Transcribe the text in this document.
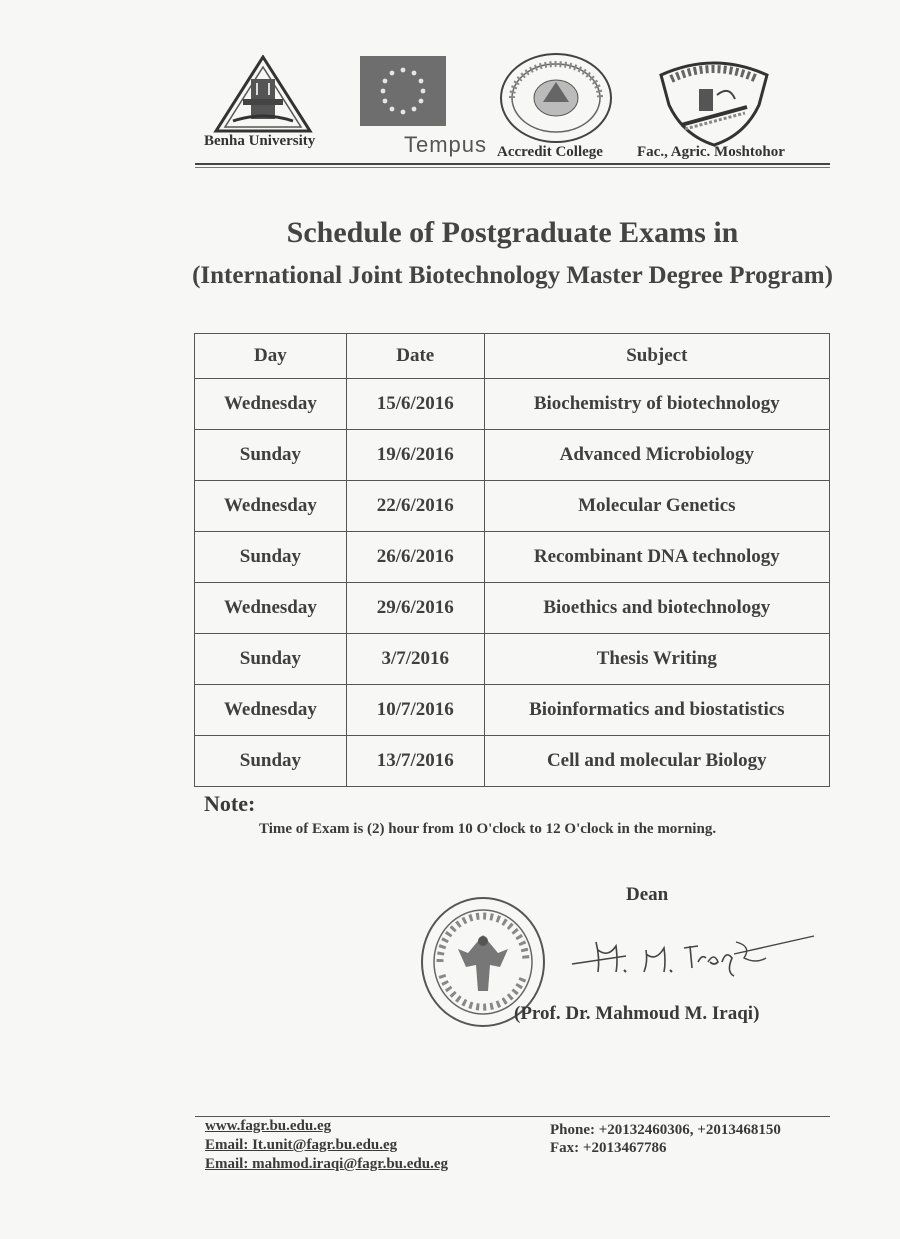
Benha University	Tempus Accredit College Fac., Agric. Moshtohor
Schedule of Postgraduate Exams in
(International Joint Biotechnology Master Degree Program)
Day	Date	Subject
Wednesday	15/6/2016	Biochemistry of biotechnology
Sunday	19/6/2016	Advanced Microbiology
Wednesday	22/6/2016	Molecular Genetics
Sunday	26/6/2016	Recombinant DNA technology
Wednesday	29/6/2016	Bioethics and biotechnology
Sunday	3/7/2016	Thesis Writing
Wednesday	10/7/2016	Bioinformatics and biostatistics
Sunday	13/7/2016	Cell and molecular Biology
Note:
Time of Exam is (2) hour from 10 O'clock to 12 O'clock in the morning.
Dean
(Prof. Dr. Mahmoud M. Iraqi)
www.fagr.bu.edu.eg
Email: It.unit@fagr.bu.edu.eg
Email: mahmod.iraqi@fagr.bu.edu.eg
Phone: +20132460306, +2013468150
Fax: +2013467786
